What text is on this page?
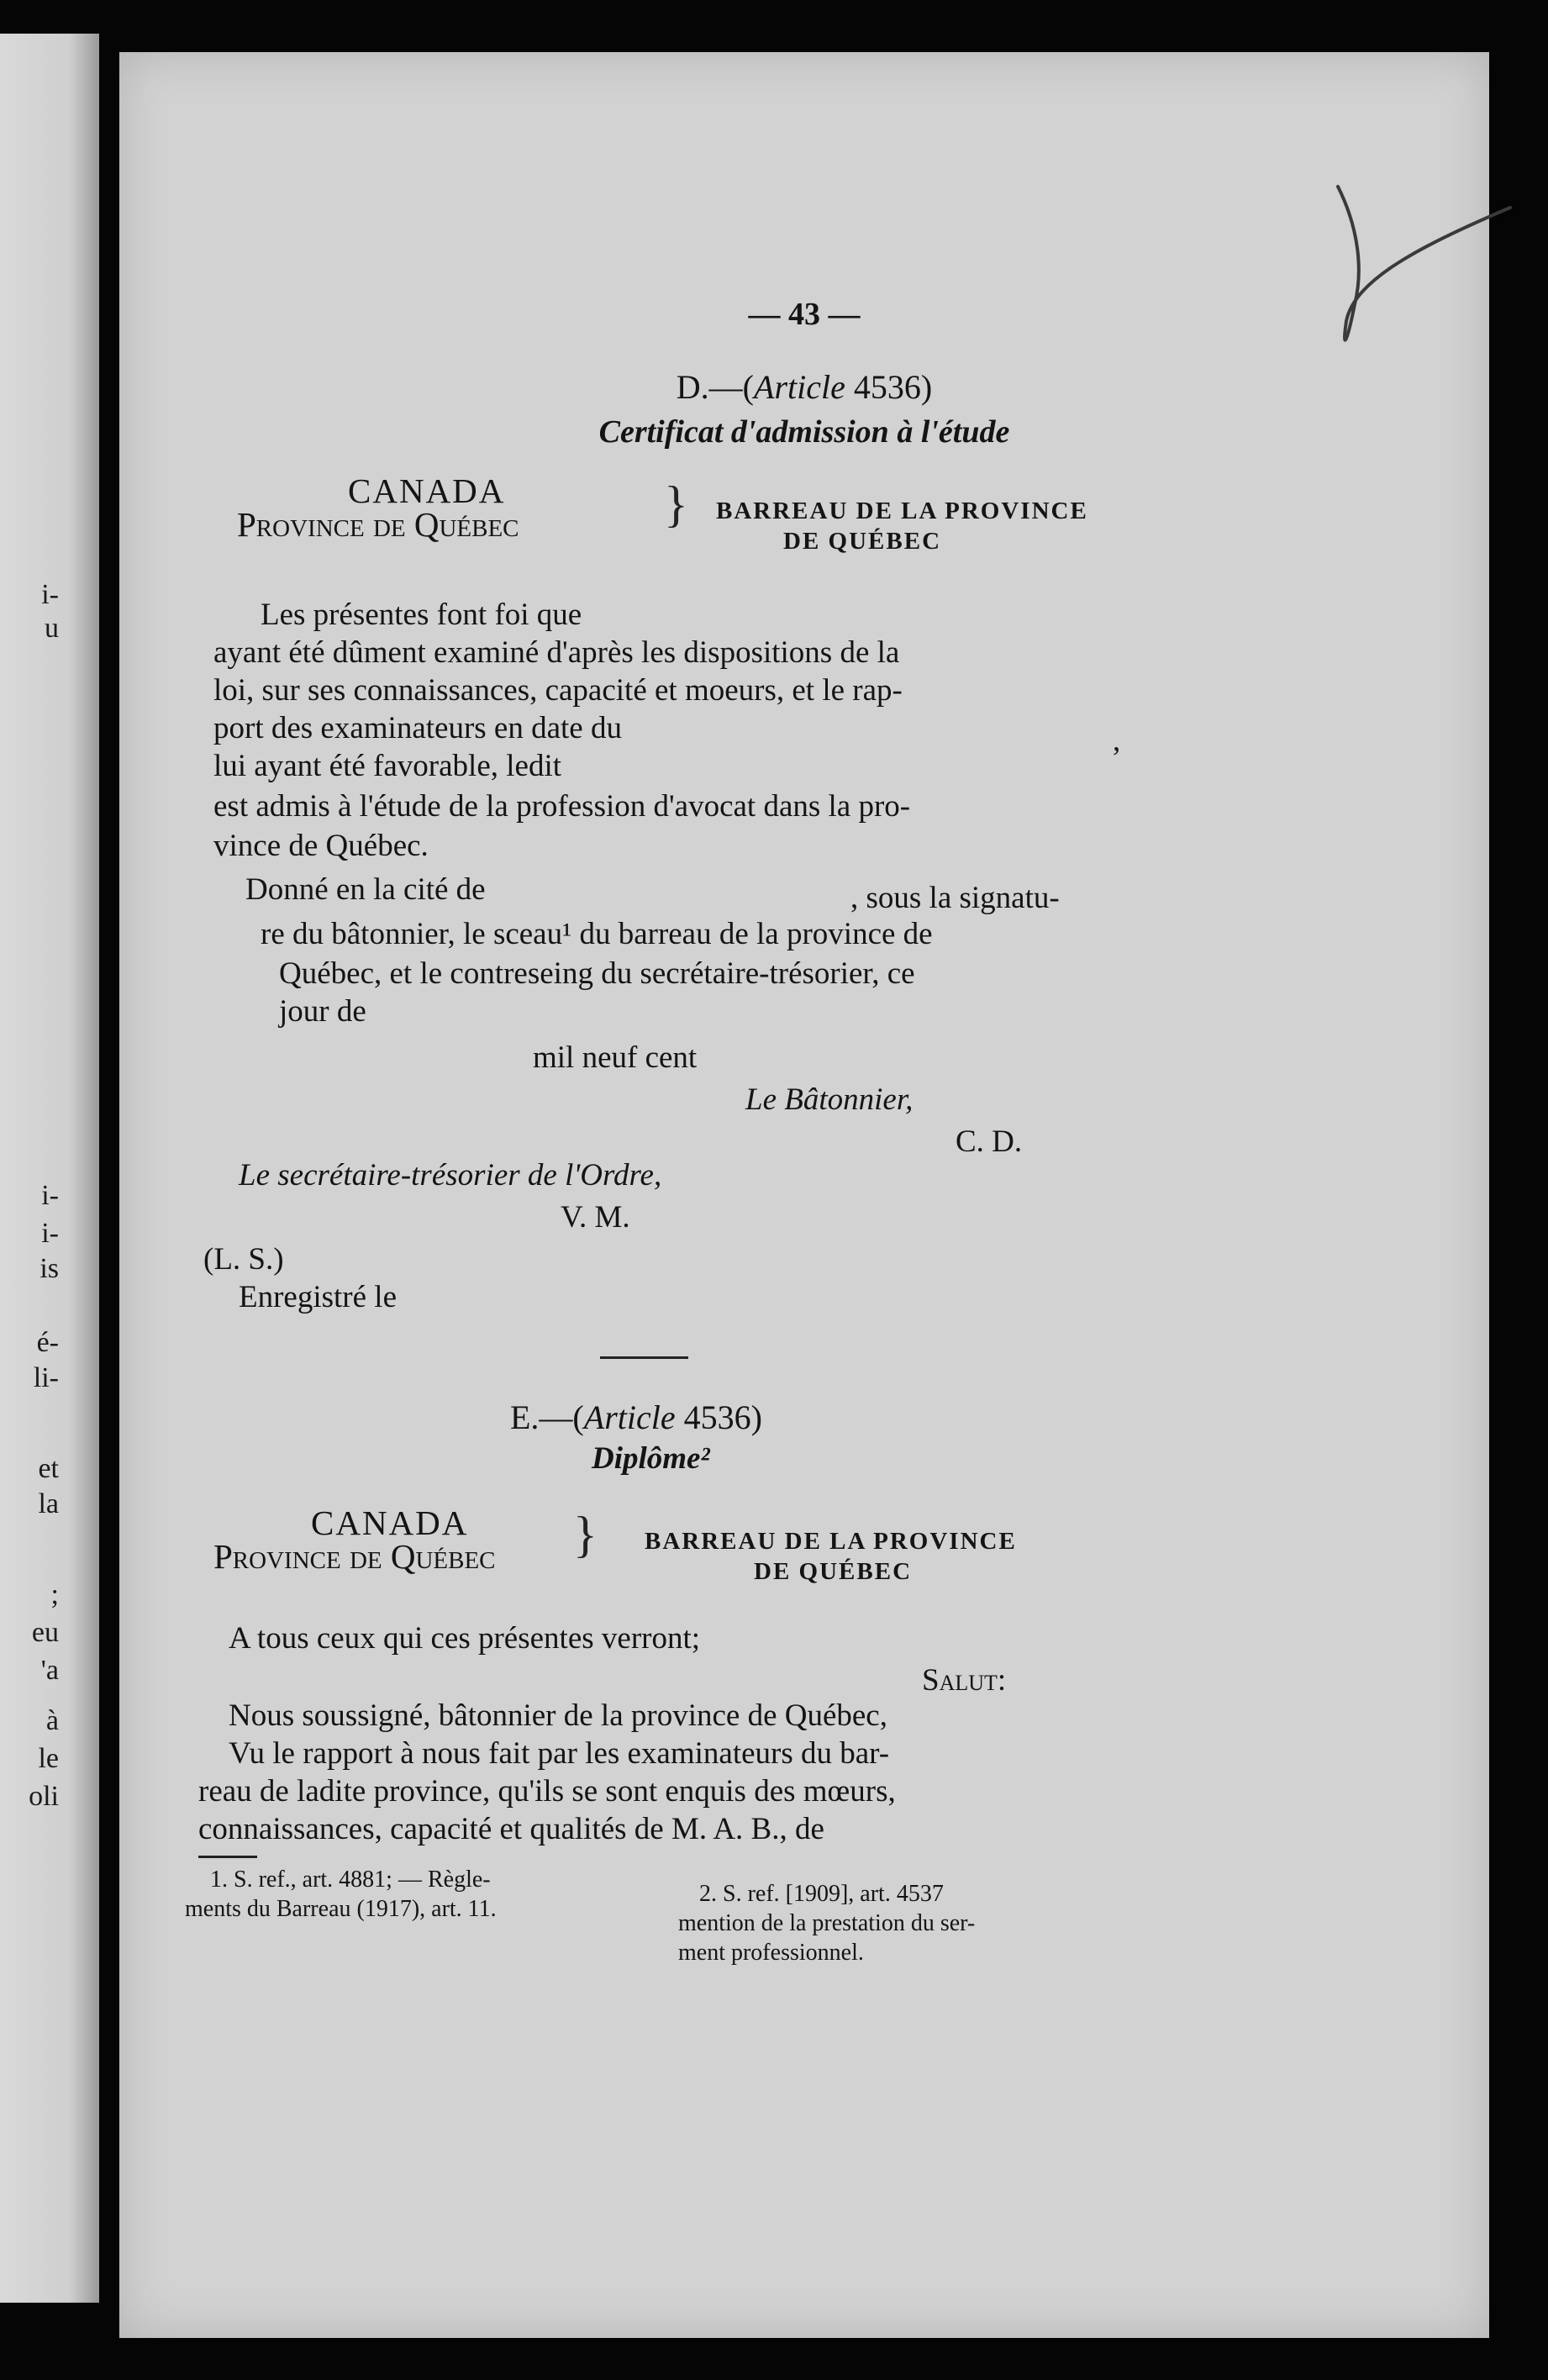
i-
u
i-
i-
is
é-
li-
et
la
;
eu
'a
à
le
oli
— 43 —
D.—(Article 4536)
Certificat d'admission à l'étude
CANADA
Province de Québec	} BARREAU DE LA PROVINCE
DE QUÉBEC
Les présentes font foi que
ayant été dûment examiné d'après les dispositions de la
loi, sur ses connaissances, capacité et moeurs, et le rap-
port des examinateurs en date du	,
lui ayant été favorable, ledit
est admis à l'étude de la profession d'avocat dans la pro-
vince de Québec.
Donné en la cité de	, sous la signatu-
re du bâtonnier, le sceau¹ du barreau de la province de
Québec, et le contreseing du secrétaire-trésorier, ce
jour de
mil neuf cent
Le Bâtonnier,
C. D.
Le secrétaire-trésorier de l'Ordre,
V. M.
(L. S.)
Enregistré le
E.—(Article 4536)
Diplôme²
CANADA
Province de Québec } BARREAU DE LA PROVINCE
DE QUÉBEC
A tous ceux qui ces présentes verront;
Salut:
Nous soussigné, bâtonnier de la province de Québec,
Vu le rapport à nous fait par les examinateurs du bar-
reau de ladite province, qu'ils se sont enquis des mœurs,
connaissances, capacité et qualités de M. A. B., de
1. S. ref., art. 4881; — Règle-
ments du Barreau (1917), art. 11.
2. S. ref. [1909], art. 4537
mention de la prestation du ser-
ment professionnel.
